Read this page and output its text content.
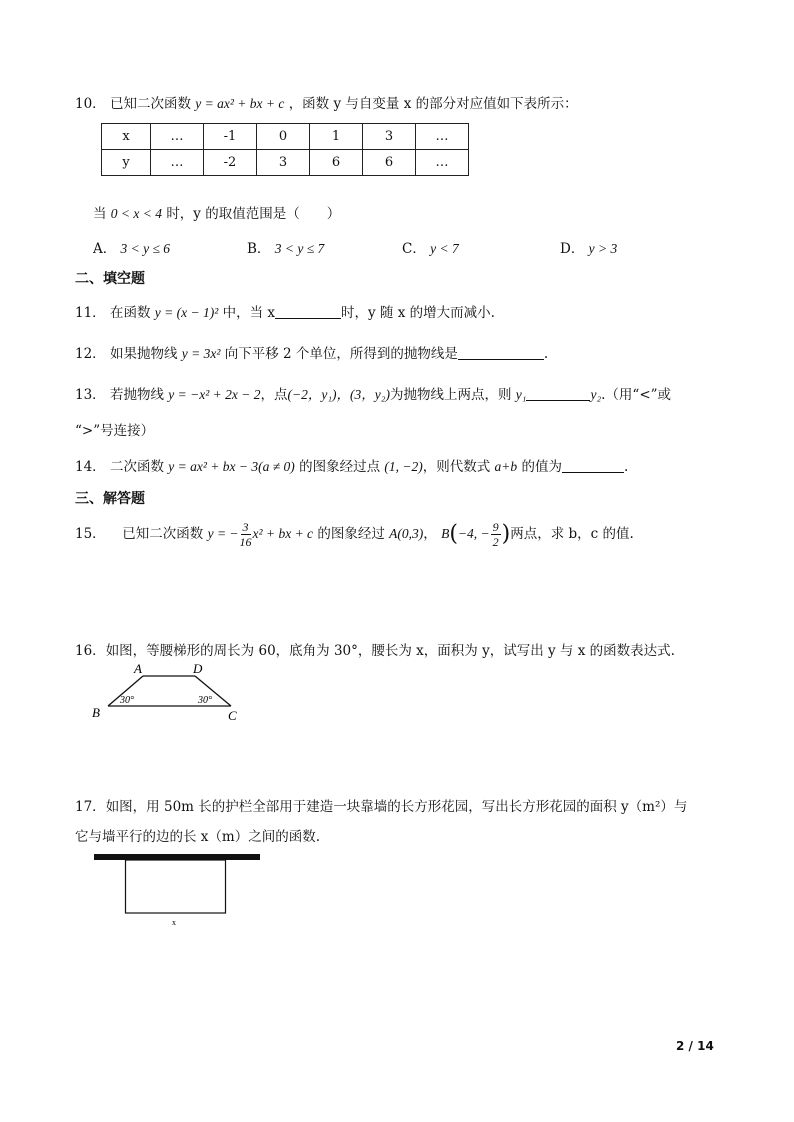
10． 已知二次函数 y = ax² + bx + c ，函数 y 与自变量 x 的部分对应值如下表所示：
x	…	-1	0	1	3	…
y	…	-2	3	6	6	…
当 0 < x < 4 时，y 的取值范围是（　　）
A． 3 < y ≤ 6	B． 3 < y ≤ 7	C． y < 7	D． y > 3
二、填空题
11． 在函数 y = (x − 1)² 中，当 x	时，y 随 x 的增大而减小.
12． 如果抛物线 y = 3x² 向下平移 2 个单位，所得到的抛物线是	.
13． 若抛物线 y = −x² + 2x − 2，点(−2，y₁)，(3，y₂)为抛物线上两点，则 y₁	y₂.（用“<”或
“>”号连接）
14． 二次函数 y = ax² + bx − 3(a ≠ 0) 的图象经过点 (1, −2)，则代数式 a+b 的值为	.
三、解答题
15． 已知二次函数 y = − $\frac{3}{16} x^2$ + bx + c 的图象经过 A(0,3)， B(−4, − $\frac{9}{2}$ )两点，求 b，c 的值.
16．如图，等腰梯形的周长为 60，底角为 30°，腰长为 x，面积为 y，试写出 y 与 x 的函数表达式.
A	D
B	C
30°	30°
17．如图，用 50m 长的护栏全部用于建造一块靠墙的长方形花园，写出长方形花园的面积 y（m²）与
它与墙平行的边的长 x（m）之间的函数.
x
2 / 14
